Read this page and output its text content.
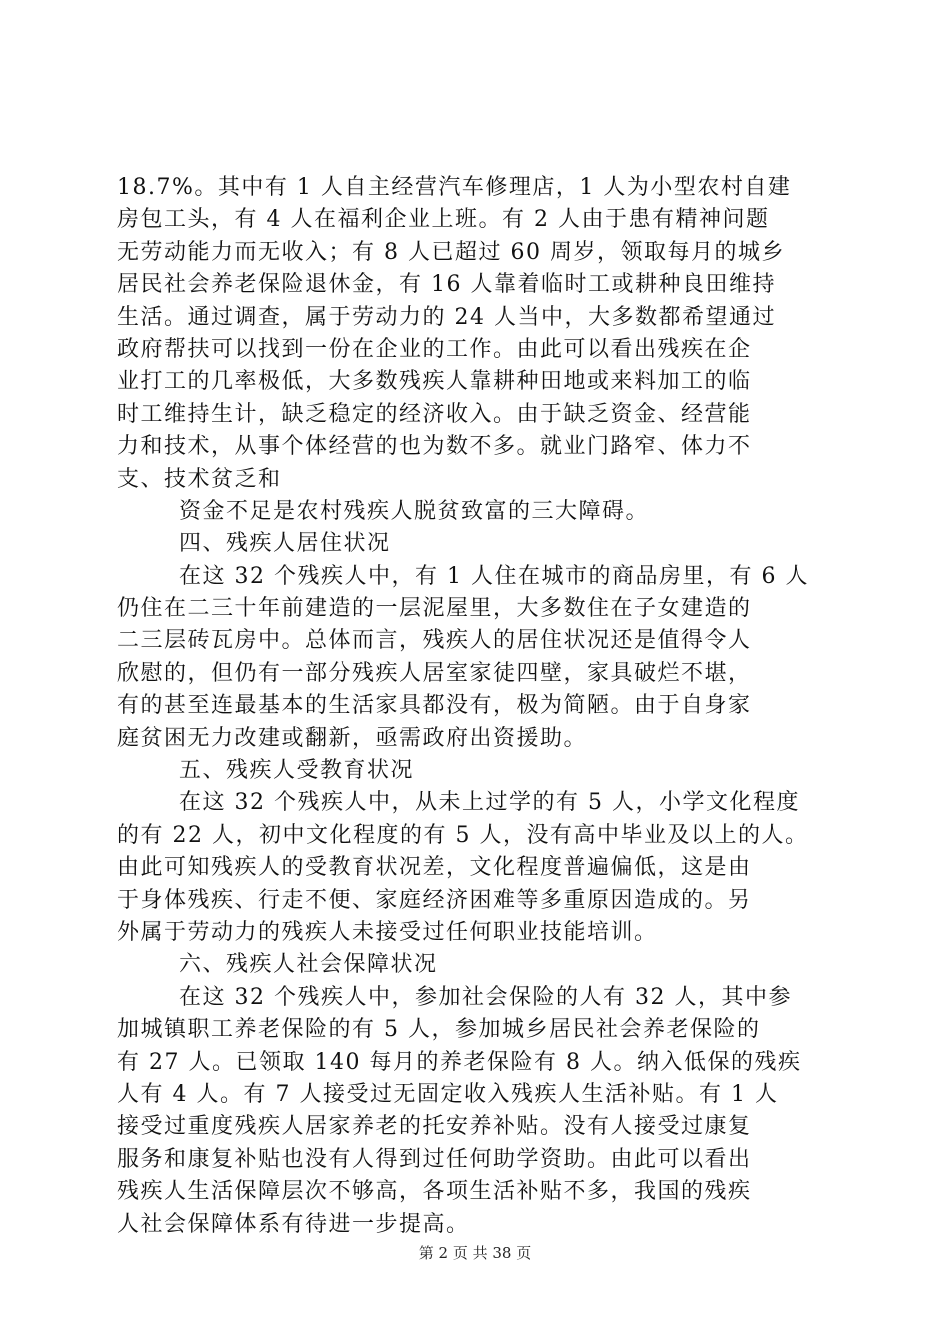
18.7%。其中有 1 人自主经营汽车修理店，1 人为小型农村自建
房包工头，有 4 人在福利企业上班。有 2 人由于患有精神问题
无劳动能力而无收入；有 8 人已超过 60 周岁，领取每月的城乡
居民社会养老保险退休金，有 16 人靠着临时工或耕种良田维持
生活。通过调查，属于劳动力的 24 人当中，大多数都希望通过
政府帮扶可以找到一份在企业的工作。由此可以看出残疾在企
业打工的几率极低，大多数残疾人靠耕种田地或来料加工的临
时工维持生计，缺乏稳定的经济收入。由于缺乏资金、经营能
力和技术，从事个体经营的也为数不多。就业门路窄、体力不
支、技术贫乏和
资金不足是农村残疾人脱贫致富的三大障碍。
四、残疾人居住状况
在这 32 个残疾人中，有 1 人住在城市的商品房里，有 6 人
仍住在二三十年前建造的一层泥屋里，大多数住在子女建造的
二三层砖瓦房中。总体而言，残疾人的居住状况还是值得令人
欣慰的，但仍有一部分残疾人居室家徒四壁，家具破烂不堪，
有的甚至连最基本的生活家具都没有，极为简陋。由于自身家
庭贫困无力改建或翻新，亟需政府出资援助。
五、残疾人受教育状况
在这 32 个残疾人中，从未上过学的有 5 人，小学文化程度
的有 22 人，初中文化程度的有 5 人，没有高中毕业及以上的人。
由此可知残疾人的受教育状况差，文化程度普遍偏低，这是由
于身体残疾、行走不便、家庭经济困难等多重原因造成的。另
外属于劳动力的残疾人未接受过任何职业技能培训。
六、残疾人社会保障状况
在这 32 个残疾人中，参加社会保险的人有 32 人，其中参
加城镇职工养老保险的有 5 人，参加城乡居民社会养老保险的
有 27 人。已领取 140 每月的养老保险有 8 人。纳入低保的残疾
人有 4 人。有 7 人接受过无固定收入残疾人生活补贴。有 1 人
接受过重度残疾人居家养老的托安养补贴。没有人接受过康复
服务和康复补贴也没有人得到过任何助学资助。由此可以看出
残疾人生活保障层次不够高，各项生活补贴不多，我国的残疾
人社会保障体系有待进一步提高。
第 2 页 共 38 页
